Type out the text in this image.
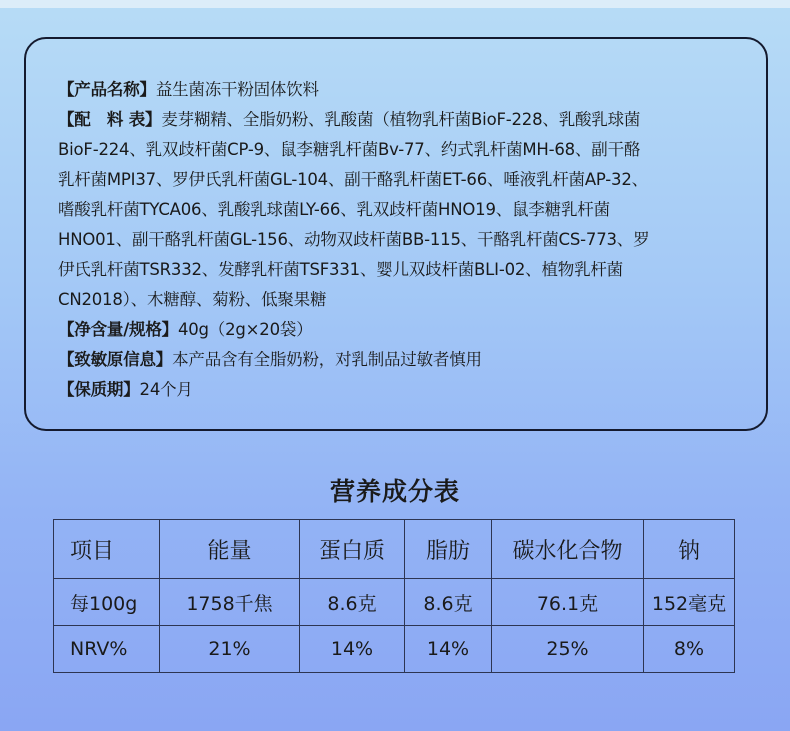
【产品名称】益生菌冻干粉固体饮料
【配　料 表】麦芽糊精、全脂奶粉、乳酸菌（植物乳杆菌BioF-228、乳酸乳球菌
BioF-224、乳双歧杆菌CP-9、鼠李糖乳杆菌Bv-77、约式乳杆菌MH-68、副干酪
乳杆菌MPI37、罗伊氏乳杆菌GL-104、副干酪乳杆菌ET-66、唾液乳杆菌AP-32、
嗜酸乳杆菌TYCA06、乳酸乳球菌LY-66、乳双歧杆菌HNO19、鼠李糖乳杆菌
HNO01、副干酪乳杆菌GL-156、动物双歧杆菌BB-115、干酪乳杆菌CS-773、罗
伊氏乳杆菌TSR332、发酵乳杆菌TSF331、婴儿双歧杆菌BLI-02、植物乳杆菌
CN2018）、木糖醇、菊粉、低聚果糖
【净含量/规格】40g（2g×20袋）
【致敏原信息】本产品含有全脂奶粉，对乳制品过敏者慎用
【保质期】24个月
营养成分表
项目	能量	蛋白质	脂肪	碳水化合物	钠
每100g	1758千焦	8.6克	8.6克	76.1克	152毫克
NRV%	21%	14%	14%	25%	8%
